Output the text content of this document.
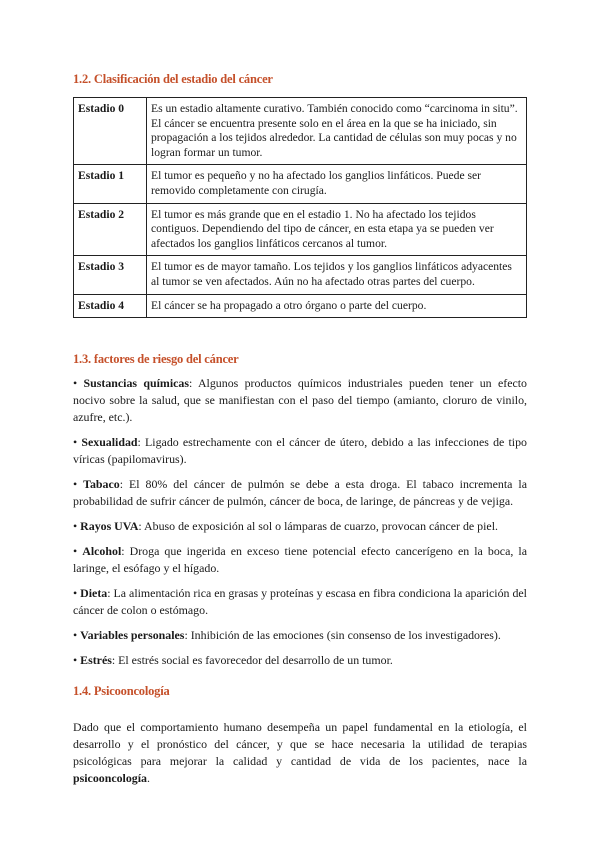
1.2. Clasificación del estadio del cáncer
Estadio 0	Es un estadio altamente curativo. También conocido como “carcinoma in situ”. El cáncer se encuentra presente solo en el área en la que se ha iniciado, sin propagación a los tejidos alrededor. La cantidad de células son muy pocas y no logran formar un tumor.
Estadio 1	El tumor es pequeño y no ha afectado los ganglios linfáticos. Puede ser removido completamente con cirugía.
Estadio 2	El tumor es más grande que en el estadio 1. No ha afectado los tejidos contiguos. Dependiendo del tipo de cáncer, en esta etapa ya se pueden ver afectados los ganglios linfáticos cercanos al tumor.
Estadio 3	El tumor es de mayor tamaño. Los tejidos y los ganglios linfáticos adyacentes al tumor se ven afectados. Aún no ha afectado otras partes del cuerpo.
Estadio 4	El cáncer se ha propagado a otro órgano o parte del cuerpo.
1.3. factores de riesgo del cáncer

• Sustancias químicas: Algunos productos químicos industriales pueden tener un efecto nocivo sobre la salud, que se manifiestan con el paso del tiempo (amianto, cloruro de vinilo, azufre, etc.).

• Sexualidad: Ligado estrechamente con el cáncer de útero, debido a las infecciones de tipo víricas (papilomavirus).

• Tabaco: El 80% del cáncer de pulmón se debe a esta droga. El tabaco incrementa la probabilidad de sufrir cáncer de pulmón, cáncer de boca, de laringe, de páncreas y de vejiga.

• Rayos UVA: Abuso de exposición al sol o lámparas de cuarzo, provocan cáncer de piel.

• Alcohol: Droga que ingerida en exceso tiene potencial efecto cancerígeno en la boca, la laringe, el esófago y el hígado.

• Dieta: La alimentación rica en grasas y proteínas y escasa en fibra condiciona la aparición del cáncer de colon o estómago.

• Variables personales: Inhibición de las emociones (sin consenso de los investigadores).

• Estrés: El estrés social es favorecedor del desarrollo de un tumor.

1.4. Psicooncología

Dado que el comportamiento humano desempeña un papel fundamental en la etiología, el desarrollo y el pronóstico del cáncer, y que se hace necesaria la utilidad de terapias psicológicas para mejorar la calidad y cantidad de vida de los pacientes, nace la psicooncología.
